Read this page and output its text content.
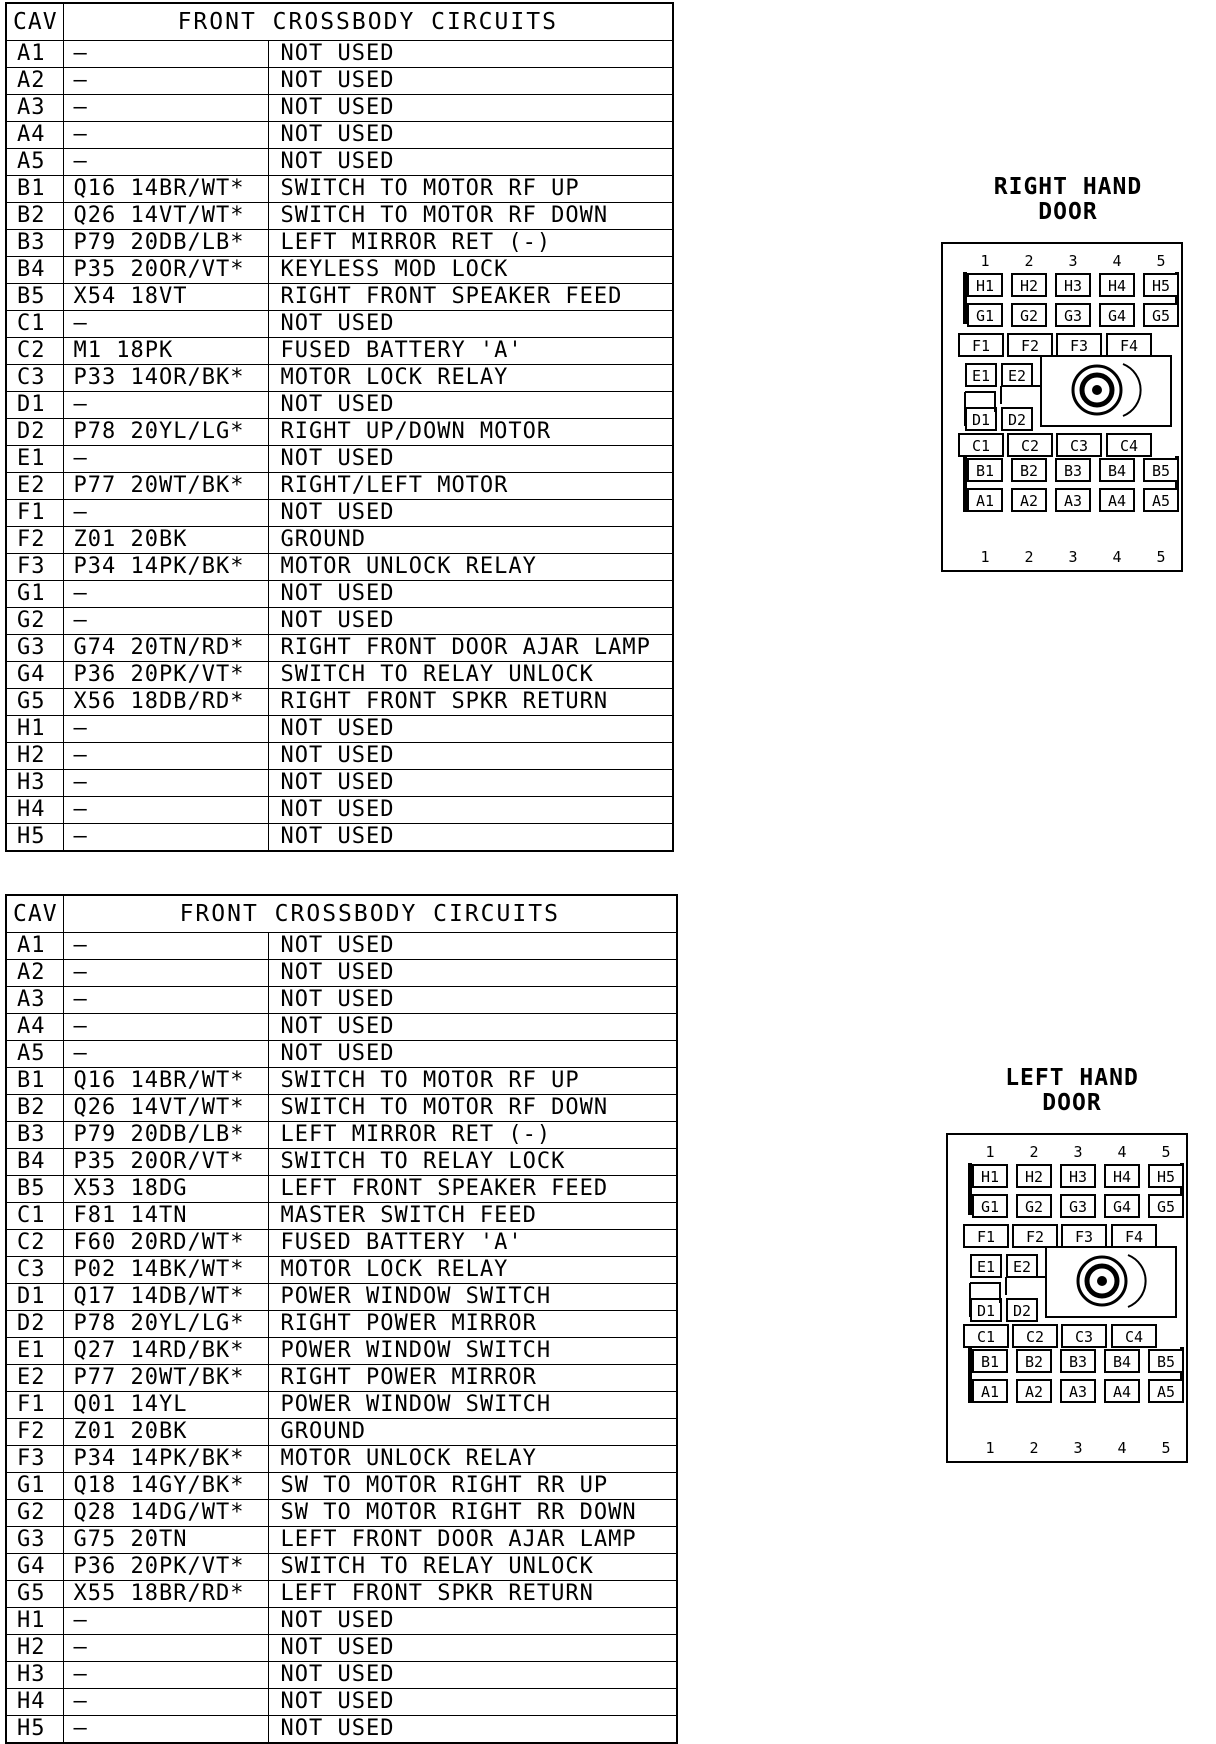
CAV	FRONT CROSSBODY CIRCUITS	
A1	—	NOT USED
A2	—	NOT USED
A3	—	NOT USED
A4	—	NOT USED
A5	—	NOT USED
B1	Q16 14BR/WT*	SWITCH TO MOTOR RF UP
B2	Q26 14VT/WT*	SWITCH TO MOTOR RF DOWN
B3	P79 20DB/LB*	LEFT MIRROR RET (-)
B4	P35 20OR/VT*	KEYLESS MOD LOCK
B5	X54 18VT	RIGHT FRONT SPEAKER FEED
C1	—	NOT USED
C2	M1 18PK	FUSED BATTERY 'A'
C3	P33 14OR/BK*	MOTOR LOCK RELAY
D1	—	NOT USED
D2	P78 20YL/LG*	RIGHT UP/DOWN MOTOR
E1	—	NOT USED
E2	P77 20WT/BK*	RIGHT/LEFT MOTOR
F1	—	NOT USED
F2	Z01 20BK	GROUND
F3	P34 14PK/BK*	MOTOR UNLOCK RELAY
G1	—	NOT USED
G2	—	NOT USED
G3	G74 20TN/RD*	RIGHT FRONT DOOR AJAR LAMP
G4	P36 20PK/VT*	SWITCH TO RELAY UNLOCK
G5	X56 18DB/RD*	RIGHT FRONT SPKR RETURN
H1	—	NOT USED
H2	—	NOT USED
H3	—	NOT USED
H4	—	NOT USED
H5	—	NOT USED
CAV	FRONT CROSSBODY CIRCUITS	
A1	—	NOT USED
A2	—	NOT USED
A3	—	NOT USED
A4	—	NOT USED
A5	—	NOT USED
B1	Q16 14BR/WT*	SWITCH TO MOTOR RF UP
B2	Q26 14VT/WT*	SWITCH TO MOTOR RF DOWN
B3	P79 20DB/LB*	LEFT MIRROR RET (-)
B4	P35 20OR/VT*	SWITCH TO RELAY LOCK
B5	X53 18DG	LEFT FRONT SPEAKER FEED
C1	F81 14TN	MASTER SWITCH FEED
C2	F60 20RD/WT*	FUSED BATTERY 'A'
C3	P02 14BK/WT*	MOTOR LOCK RELAY
D1	Q17 14DB/WT*	POWER WINDOW SWITCH
D2	P78 20YL/LG*	RIGHT POWER MIRROR
E1	Q27 14RD/BK*	POWER WINDOW SWITCH
E2	P77 20WT/BK*	RIGHT POWER MIRROR
F1	Q01 14YL	POWER WINDOW SWITCH
F2	Z01 20BK	GROUND
F3	P34 14PK/BK*	MOTOR UNLOCK RELAY
G1	Q18 14GY/BK*	SW TO MOTOR RIGHT RR UP
G2	Q28 14DG/WT*	SW TO MOTOR RIGHT RR DOWN
G3	G75 20TN	LEFT FRONT DOOR AJAR LAMP
G4	P36 20PK/VT*	SWITCH TO RELAY UNLOCK
G5	X55 18BR/RD*	LEFT FRONT SPKR RETURN
H1	—	NOT USED
H2	—	NOT USED
H3	—	NOT USED
H4	—	NOT USED
H5	—	NOT USED
RIGHT HAND
DOOR
LEFT HAND
DOOR
1
1
2
2
3
3
4
4
5
5
H1 H2 H3 H4 H5
G1 G2 G3 G4 G5
B1 B2 B3 B4 B5
A1 A2 A3 A4 A5
F1 F2 F3 F4
C1 C2 C3 C4
E1 E2
D1 D2
1
1
2
2
3
3
4
4
5
5
H1 H2 H3 H4 H5
G1 G2 G3 G4 G5
B1 B2 B3 B4 B5
A1 A2 A3 A4 A5
F1 F2 F3 F4
C1 C2 C3 C4
E1 E2
D1 D2
